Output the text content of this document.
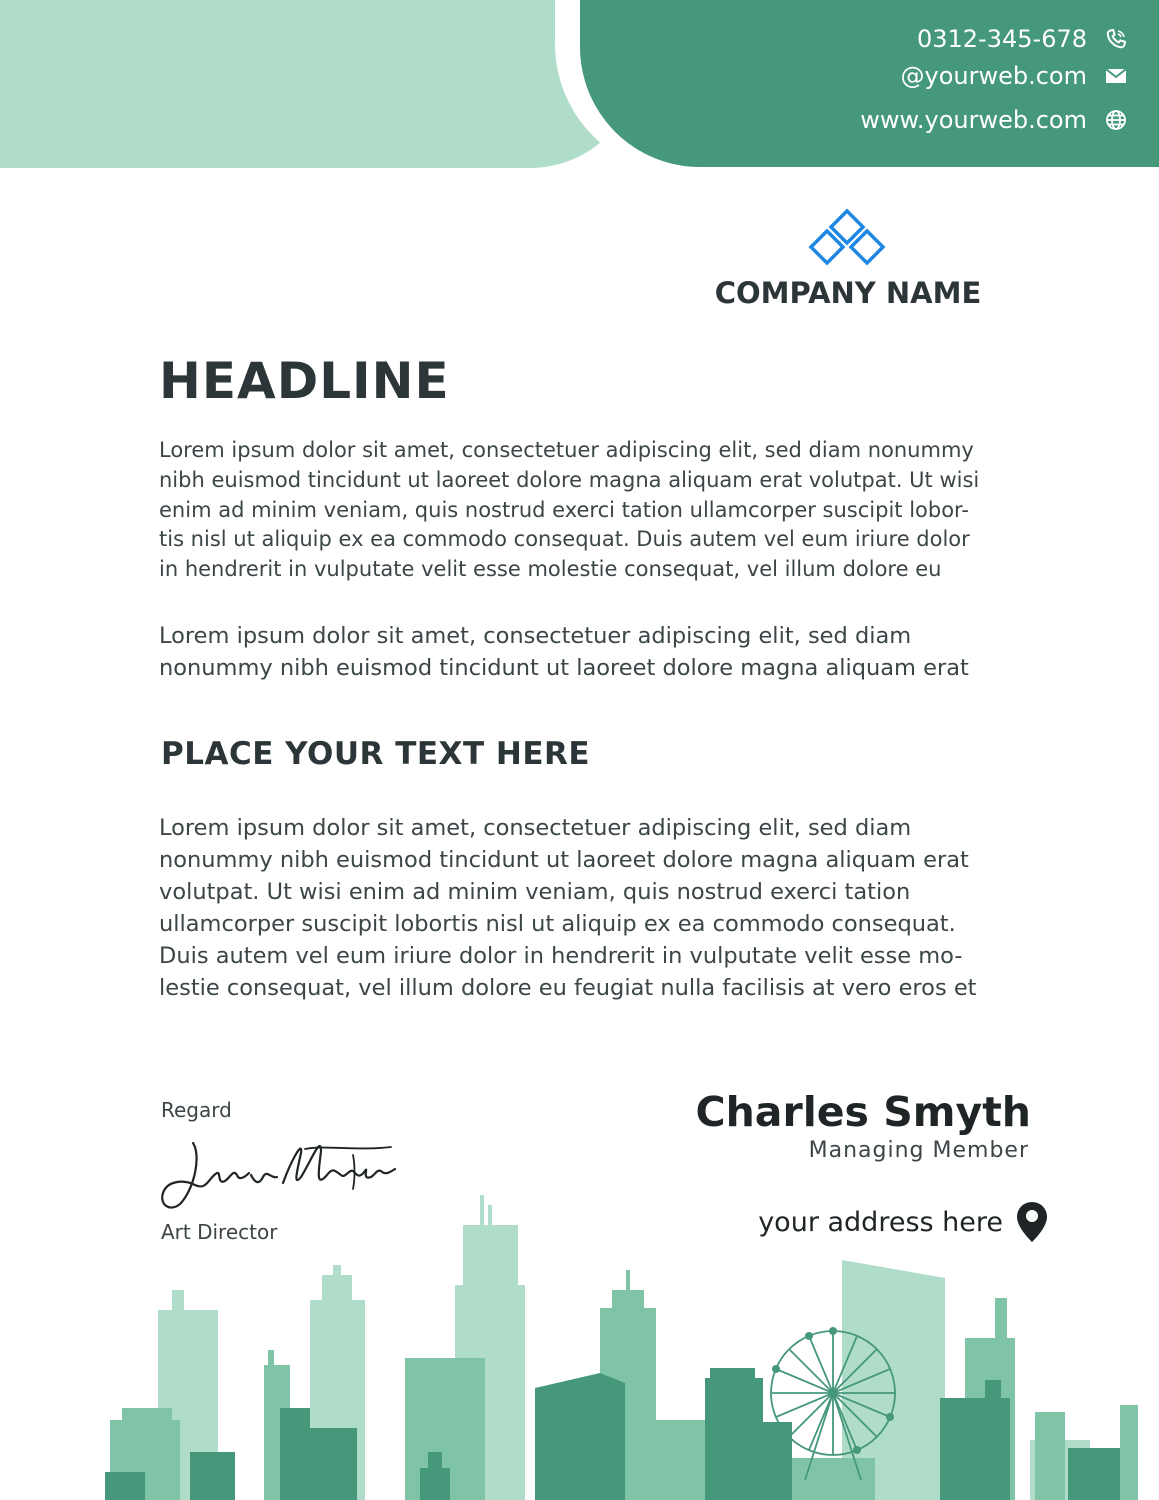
0312-345-678
@yourweb.com
www.yourweb.com
COMPANY NAME
HEADLINE

Lorem ipsum dolor sit amet, consectetuer adipiscing elit, sed diam nonummy
nibh euismod tincidunt ut laoreet dolore magna aliquam erat volutpat. Ut wisi
enim ad minim veniam, quis nostrud exerci tation ullamcorper suscipit lobor-
tis nisl ut aliquip ex ea commodo consequat. Duis autem vel eum iriure dolor
in hendrerit in vulputate velit esse molestie consequat, vel illum dolore eu

Lorem ipsum dolor sit amet, consectetuer adipiscing elit, sed diam
nonummy nibh euismod tincidunt ut laoreet dolore magna aliquam erat

PLACE YOUR TEXT HERE

Lorem ipsum dolor sit amet, consectetuer adipiscing elit, sed diam
nonummy nibh euismod tincidunt ut laoreet dolore magna aliquam erat
volutpat. Ut wisi enim ad minim veniam, quis nostrud exerci tation
ullamcorper suscipit lobortis nisl ut aliquip ex ea commodo consequat.
Duis autem vel eum iriure dolor in hendrerit in vulputate velit esse mo-
lestie consequat, vel illum dolore eu feugiat nulla facilisis at vero eros et

Regard
Art Director
Charles Smyth
Managing Member
your address here
